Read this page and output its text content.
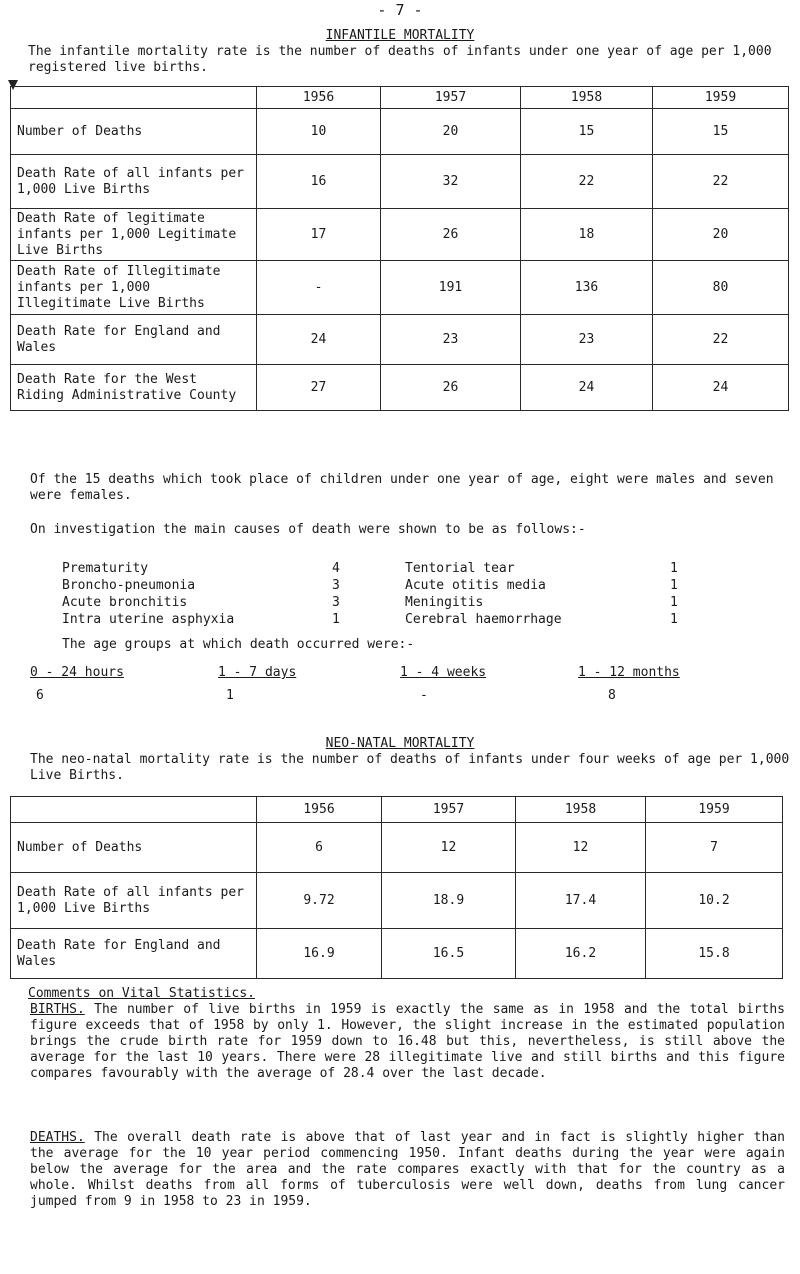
- 7 -
INFANTILE MORTALITY
The infantile mortality rate is the number of deaths of infants under one year of age per 1,000 registered live births.
	1956	1957	1958	1959
Number of Deaths	10	20	15	15
Death Rate of all infants per 1,000 Live Births	16	32	22	22
Death Rate of legitimate infants per 1,000 Legitimate Live Births	17	26	18	20
Death Rate of Illegitimate infants per 1,000 Illegitimate Live Births	-	191	136	80
Death Rate for England and Wales	24	23	23	22
Death Rate for the West Riding Administrative County	27	26	24	24
Of the 15 deaths which took place of children under one year of age, eight were males and seven were females.
On investigation the main causes of death were shown to be as follows:-
Prematurity	4
Broncho-pneumonia	3
Acute bronchitis	3
Intra uterine asphyxia	1
Tentorial tear	1
Acute otitis media	1
Meningitis	1
Cerebral haemorrhage	1
The age groups at which death occurred were:-
0 - 24 hours	1 - 7 days	1 - 4 weeks	1 - 12 months
6	1	-	8
NEO-NATAL MORTALITY
The neo-natal mortality rate is the number of deaths of infants under four weeks of age per 1,000 Live Births.
	1956	1957	1958	1959
Number of Deaths	6	12	12	7
Death Rate of all infants per 1,000 Live Births	9.72	18.9	17.4	10.2
Death Rate for England and Wales	16.9	16.5	16.2	15.8
Comments on Vital Statistics.
BIRTHS. The number of live births in 1959 is exactly the same as in 1958 and the total births figure exceeds that of 1958 by only 1. However, the slight increase in the estimated population brings the crude birth rate for 1959 down to 16.48 but this, nevertheless, is still above the average for the last 10 years. There were 28 illegitimate live and still births and this figure compares favourably with the average of 28.4 over the last decade.
DEATHS. The overall death rate is above that of last year and in fact is slightly higher than the average for the 10 year period commencing 1950. Infant deaths during the year were again below the average for the area and the rate compares exactly with that for the country as a whole. Whilst deaths from all forms of tuberculosis were well down, deaths from lung cancer jumped from 9 in 1958 to 23 in 1959.
